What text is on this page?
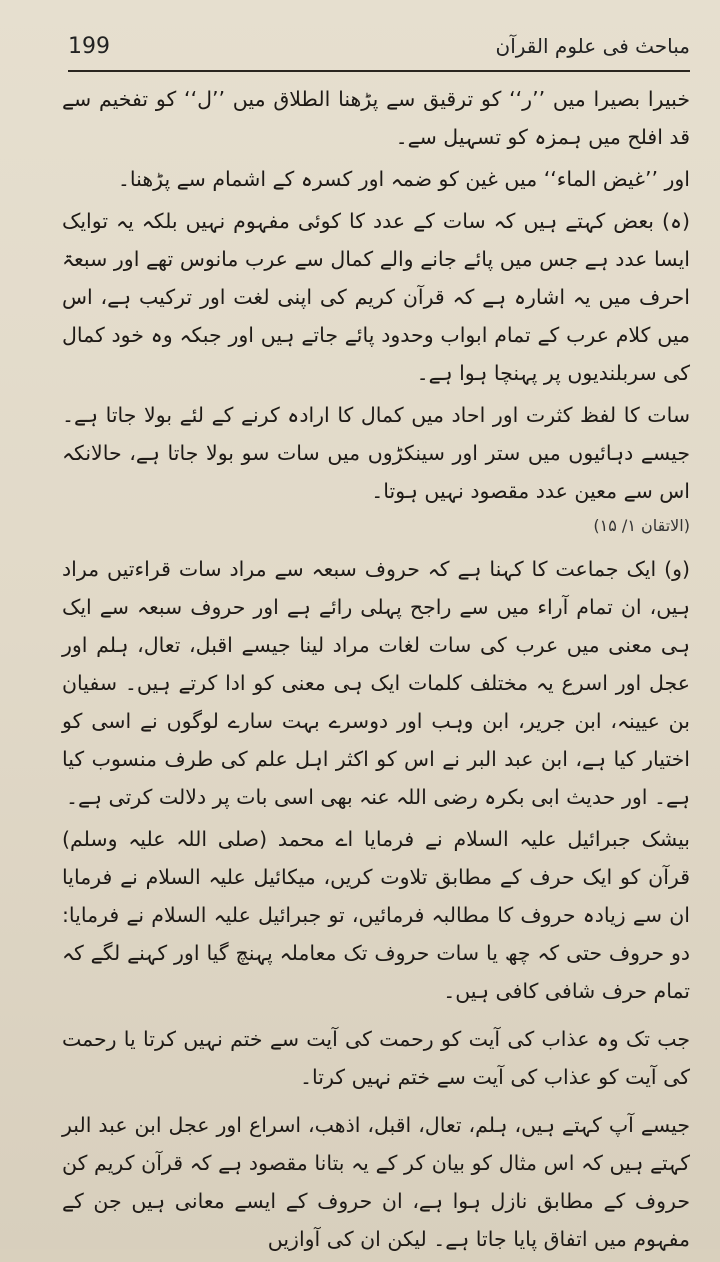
199	مباحث فی علوم القرآن

خبیرا بصیرا میں ’’ر‘‘ کو ترقیق سے پڑھنا الطلاق میں ’’ل‘‘ کو تفخیم سے قد افلح میں ہمزہ کو تسہیل سے۔

اور ’’غیض الماء‘‘ میں غین کو ضمہ اور کسرہ کے اشمام سے پڑھنا۔

(ہ) بعض کہتے ہیں کہ سات کے عدد کا کوئی مفہوم نہیں بلکہ یہ توایک ایسا عدد ہے جس میں پائے جانے والے کمال سے عرب مانوس تھے اور سبعۃ احرف میں یہ اشارہ ہے کہ قرآن کریم کی اپنی لغت اور ترکیب ہے، اس میں کلام عرب کے تمام ابواب وحدود پائے جاتے ہیں اور جبکہ وہ خود کمال کی سربلندیوں پر پہنچا ہوا ہے۔

سات کا لفظ کثرت اور احاد میں کمال کا ارادہ کرنے کے لئے بولا جاتا ہے۔ جیسے دہائیوں میں ستر اور سینکڑوں میں سات سو بولا جاتا ہے، حالانکہ اس سے معین عدد مقصود نہیں ہوتا۔

(الاتقان ۱/ ۱۵)

(و) ایک جماعت کا کہنا ہے کہ حروف سبعہ سے مراد سات قراءتیں مراد ہیں، ان تمام آراء میں سے راجح پہلی رائے ہے اور حروف سبعہ سے ایک ہی معنی میں عرب کی سات لغات مراد لینا جیسے اقبل، تعال، ہلم اور عجل اور اسرع یہ مختلف کلمات ایک ہی معنی کو ادا کرتے ہیں۔ سفیان بن عیینہ، ابن جریر، ابن وہب اور دوسرے بہت سارے لوگوں نے اسی کو اختیار کیا ہے، ابن عبد البر نے اس کو اکثر اہل علم کی طرف منسوب کیا ہے۔ اور حدیث ابی بکرہ رضی اللہ عنہ بھی اسی بات پر دلالت کرتی ہے۔

بیشک جبرائیل علیہ السلام نے فرمایا اے محمد (صلی اللہ علیہ وسلم) قرآن کو ایک حرف کے مطابق تلاوت کریں، میکائیل علیہ السلام نے فرمایا ان سے زیادہ حروف کا مطالبہ فرمائیں، تو جبرائیل علیہ السلام نے فرمایا: دو حروف حتی کہ چھ یا سات حروف تک معاملہ پہنچ گیا اور کہنے لگے کہ تمام حرف شافی کافی ہیں۔

جب تک وہ عذاب کی آیت کو رحمت کی آیت سے ختم نہیں کرتا یا رحمت کی آیت کو عذاب کی آیت سے ختم نہیں کرتا۔

جیسے آپ کہتے ہیں، ہلم، تعال، اقبل، اذھب، اسراع اور عجل ابن عبد البر کہتے ہیں کہ اس مثال کو بیان کر کے یہ بتانا مقصود ہے کہ قرآن کریم کن حروف کے مطابق نازل ہوا ہے، ان حروف کے ایسے معانی ہیں جن کے مفہوم میں اتفاق پایا جاتا ہے۔ لیکن ان کی آوازیں
